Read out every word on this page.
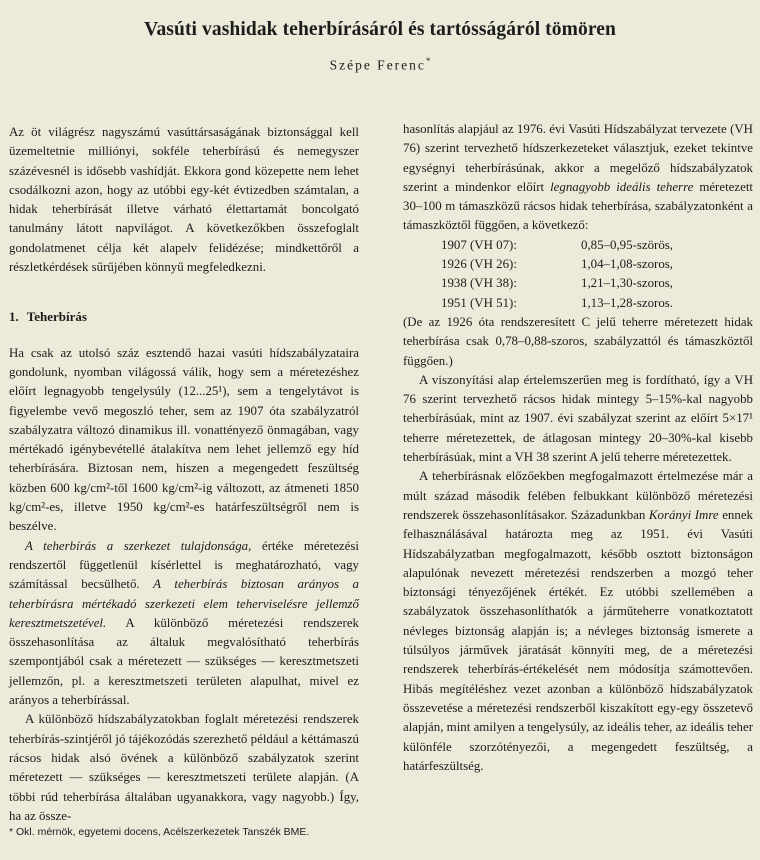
Vasúti vashidak teherbírásáról és tartósságáról tömören
Szépe Ferenc*

Az öt világrész nagyszámú vasúttársaságának biztonsággal kell üzemeltetnie milliónyi, sokféle teherbírású és nemegyszer százévesnél is idősebb vashídját. Ekkora gond közepette nem lehet csodálkozni azon, hogy az utóbbi egy-két évtizedben számtalan, a hidak teherbírását illetve várható élettartamát boncolgató tanulmány látott napvilágot. A következőkben összefoglalt gondolatmenet célja két alapelv felidézése; mindkettőről a részletkérdések sűrűjében könnyű megfeledkezni.

1. Teherbírás

Ha csak az utolsó száz esztendő hazai vasúti hídszabályzataira gondolunk, nyomban világossá válik, hogy sem a méretezéshez előírt legnagyobb tengelysúly (12...25¹), sem a tengelytávot is figyelembe vevő megoszló teher, sem az 1907 óta szabályzatról szabályzatra változó dinamikus ill. vonattényező önmagában, vagy mértékadó igénybevétellé átalakítva nem lehet jellemző egy híd teherbírására. Biztosan nem, hiszen a megengedett feszültség közben 600 kg/cm²-től 1600 kg/cm²-ig változott, az átmeneti 1850 kg/cm²-es, illetve 1950 kg/cm²-es határfeszültségről nem is beszélve.

A teherbírás a szerkezet tulajdonsága, értéke méretezési rendszertől függetlenül kísérlettel is meghatározható, vagy számítással becsülhető. A teherbírás biztosan arányos a teherbírásra mértékadó szerkezeti elem teherviselésre jellemző keresztmetszetével. A különböző méretezési rendszerek összehasonlítása az általuk megvalósítható teherbírás szempontjából csak a méretezett — szükséges — keresztmetszeti jellemzőn, pl. a keresztmetszeti területen alapulhat, mivel ez arányos a teherbírással.

A különböző hídszabályzatokban foglalt méretezési rendszerek teherbírás-szintjéről jó tájékozódás szerezhető például a kéttámaszú rácsos hidak alsó övének a különböző szabályzatok szerint méretezett — szükséges — keresztmetszeti területe alapján. (A többi rúd teherbírása általában ugyanakkora, vagy nagyobb.) Így, ha az össze-

hasonlítás alapjául az 1976. évi Vasúti Hídszabályzat tervezete (VH 76) szerint tervezhető hídszerkezeteket választjuk, ezeket tekintve egységnyi teherbírásúnak, akkor a megelőző hídszabályzatok szerint a mindenkor előírt legnagyobb ideális teherre méretezett 30–100 m támaszközű rácsos hidak teherbírása, szabályzatonként a támaszköztől függően, a következő:

1907 (VH 07):	0,85–0,95-szörös,
1926 (VH 26):	1,04–1,08-szoros,
1938 (VH 38):	1,21–1,30-szoros,
1951 (VH 51):	1,13–1,28-szoros.

(De az 1926 óta rendszeresített C jelű teherre méretezett hidak teherbírása csak 0,78–0,88-szoros, szabályzattól és támaszköztől függően.)

A viszonyítási alap értelemszerűen meg is fordítható, így a VH 76 szerint tervezhető rácsos hidak mintegy 5–15%-kal nagyobb teherbírásúak, mint az 1907. évi szabályzat szerint az előírt 5×17¹ teherre méretezettek, de átlagosan mintegy 20–30%-kal kisebb teherbírásúak, mint a VH 38 szerint A jelű teherre méretezettek.

A teherbírásnak előzőekben megfogalmazott értelmezése már a múlt század második felében felbukkant különböző méretezési rendszerek összehasonlításakor. Századunkban Korányi Imre ennek felhasználásával határozta meg az 1951. évi Vasúti Hídszabályzatban megfogalmazott, később osztott biztonságon alapulónak nevezett méretezési rendszerben a mozgó teher biztonsági tényezőjének értékét. Ez utóbbi szellemében a szabályzatok összehasonlíthatók a járműteherre vonatkoztatott névleges biztonság alapján is; a névleges biztonság ismerete a túlsúlyos járművek járatását könnyíti meg, de a méretezési rendszerek teherbírás-értékelését nem módosítja számottevően. Hibás megítéléshez vezet azonban a különböző hídszabályzatok összevetése a méretezési rendszerből kiszakított egy-egy összetevő alapján, mint amilyen a tengelysúly, az ideális teher, az ideális teher különféle szorzótényezői, a megengedett feszültség, a határfeszültség.

* Okl. mérnök, egyetemi docens, Acélszerkezetek Tanszék BME.
